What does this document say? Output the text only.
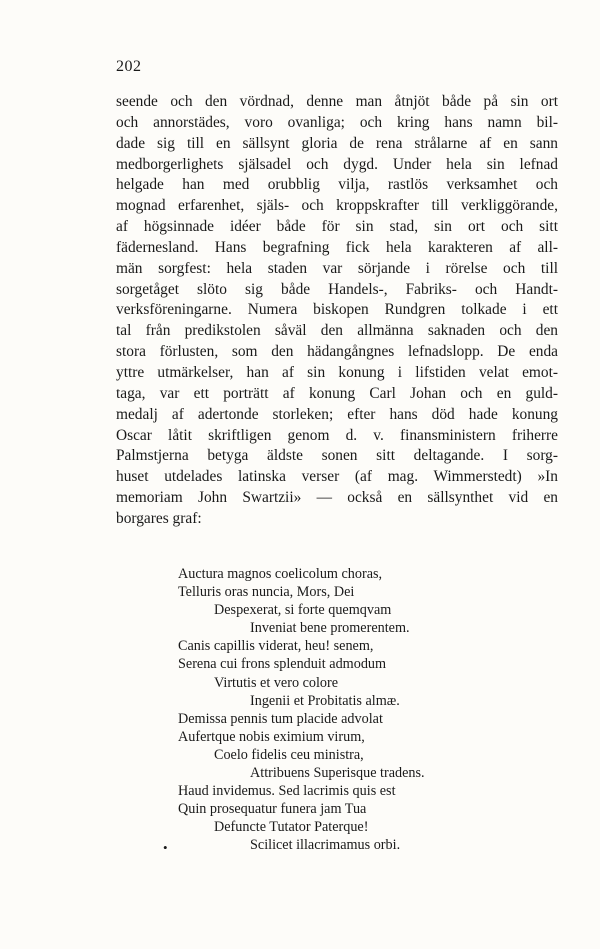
202
seende och den vördnad, denne man åtnjöt både på sin ort
och annorstädes, voro ovanliga; och kring hans namn bil-
dade sig till en sällsynt gloria de rena strålarne af en sann
medborgerlighets själsadel och dygd. Under hela sin lefnad
helgade han med orubblig vilja, rastlös verksamhet och
mognad erfarenhet, själs- och kroppskrafter till verkliggörande,
af högsinnade idéer både för sin stad, sin ort och sitt
fädernesland. Hans begrafning fick hela karakteren af all-
män sorgfest: hela staden var sörjande i rörelse och till
sorgetåget slöto sig både Handels-, Fabriks- och Handt-
verksföreningarne. Numera biskopen Rundgren tolkade i ett
tal från predikstolen såväl den allmänna saknaden och den
stora förlusten, som den hädangångnes lefnadslopp. De enda
yttre utmärkelser, han af sin konung i lifstiden velat emot-
taga, var ett porträtt af konung Carl Johan och en guld-
medalj af adertonde storleken; efter hans död hade konung
Oscar låtit skriftligen genom d. v. finansministern friherre
Palmstjerna betyga äldste sonen sitt deltagande. I sorg-
huset utdelades latinska verser (af mag. Wimmerstedt) »In
memoriam John Swartzii» — också en sällsynthet vid en
borgares graf:
Auctura magnos coelicolum choras,
Telluris oras nuncia, Mors, Dei
Despexerat, si forte quemqvam
Inveniat bene promerentem.
Canis capillis viderat, heu! senem,
Serena cui frons splenduit admodum
Virtutis et vero colore
Ingenii et Probitatis almæ.
Demissa pennis tum placide advolat
Aufertque nobis eximium virum,
Coelo fidelis ceu ministra,
Attribuens Superisque tradens.
Haud invidemus. Sed lacrimis quis est
Quin prosequatur funera jam Tua
Defuncte Tutator Paterque!
Scilicet illacrimamus orbi.
•
